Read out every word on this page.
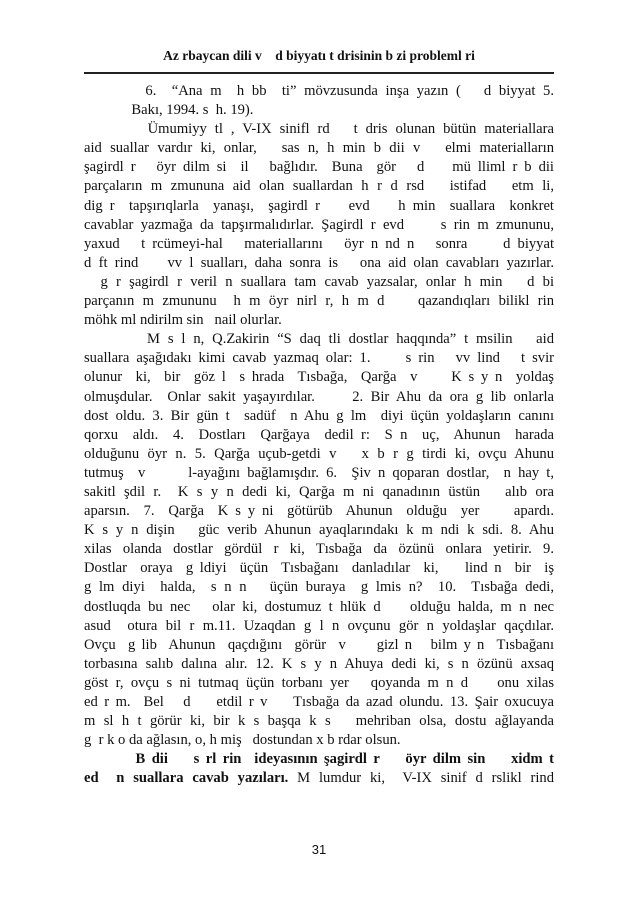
Az rbaycan dili v    d biyyatı t drisinin b zi probleml ri
6.  “Ana m  h bb  ti” mövzusunda inşa yazın (   d biyyat 5.
Bakı, 1994. s  h. 19).
Ümumiyy tl , V-IX sinifl rd   t dris olunan bütün materiallara
aid suallar vardır ki, onlar,   sas n, h min b dii v   elmi materialların
şagirdl r   öyr dilm si  il   bağlıdır.  Buna  gör   d    mü lliml r b dii
parçaların m zmununa aid olan suallardan h r d rsd   istifad   etm li,
dig r  tapşırıqlarla  yanaşı,  şagirdl r    evd    h min  suallara  konkret
cavablar yazmağa da tapşırmalıdırlar. Şagirdl r evd     s rin m zmununu,
yaxud   t rcümeyi-hal   materiallarını   öyr n nd n   sonra     d biyyat
d ft rind    vv l sualları, daha sonra is   ona aid olan cavabları yazırlar.
g r şagirdl r veril n suallara tam cavab yazsalar, onlar h min   d bi
parçanın m zmununu  h m öyr nirl r, h m d    qazandıqları bilikl rin
möhk ml ndirilm sin   nail olurlar.
M s l n, Q.Zakirin “S daq tli dostlar haqqında” t msilin   aid
suallara aşağıdakı kimi cavab yazmaq olar: 1.     s rin   vv lind   t svir
olunur  ki,  bir  göz l  s hrada  Tısbağa,  Qarğa  v     K s y n  yoldaş
olmuşdular.  Onlar sakit yaşayırdılar.     2. Bir Ahu da ora g lib onlarla
dost oldu. 3. Bir gün t  sadüf  n Ahu g lm  diyi üçün yoldaşların canını
qorxu  aldı.  4.  Dostları  Qarğaya  dedil r:  S n  uç,  Ahunun  harada
olduğunu öyr n. 5. Qarğa uçub-getdi v   x b r g tirdi ki, ovçu Ahunu
tutmuş  v      l-ayağını bağlamışdır. 6.  Şiv n qoparan dostlar,  n hay t,
sakitl şdil r.  K s y n dedi ki, Qarğa m ni qanadının üstün   alıb ora
aparsın.  7.  Qarğa  K s y ni  götürüb  Ahunun  olduğu  yer     apardı.
K s y n dişin   güc verib Ahunun ayaqlarındakı k m ndi k sdi. 8. Ahu
xilas olanda dostlar gördül r ki, Tısbağa da özünü onlara yetirir. 9.
Dostlar  oraya  g ldiyi  üçün  Tısbağanı  danladılar  ki,    lind n  bir  iş
g lm diyi  halda,  s n n   üçün buraya  g lmis n?  10.  Tısbağa dedi,
dostluqda bu nec   olar ki, dostumuz t hlük d    olduğu halda, m n nec
asud  otura bil r m.11. Uzaqdan g l n ovçunu gör n yoldaşlar qaçdılar.
Ovçu  g lib  Ahunun  qaçdığını  görür  v     gizl n   bilm y n  Tısbağanı
torbasına salıb dalına alır. 12. K s y n Ahuya dedi ki, s n özünü axsaq
göst r, ovçu s ni tutmaq üçün torbanı yer   qoyanda m n d    onu xilas
ed r m.  Bel   d    etdil r v    Tısbağa da azad olundu. 13. Şair oxucuya
m sl h t görür ki, bir k s başqa k s   mehriban olsa, dostu ağlayanda
g  r k o da ağlasın, o, h miş   dostundan x b rdar olsun.
B dii    s rl rin  ideyasının şagirdl r    öyr dilm sin    xidm t
ed  n suallara cavab yazıları. M lumdur ki,  V-IX sinif d rslikl rind
31
